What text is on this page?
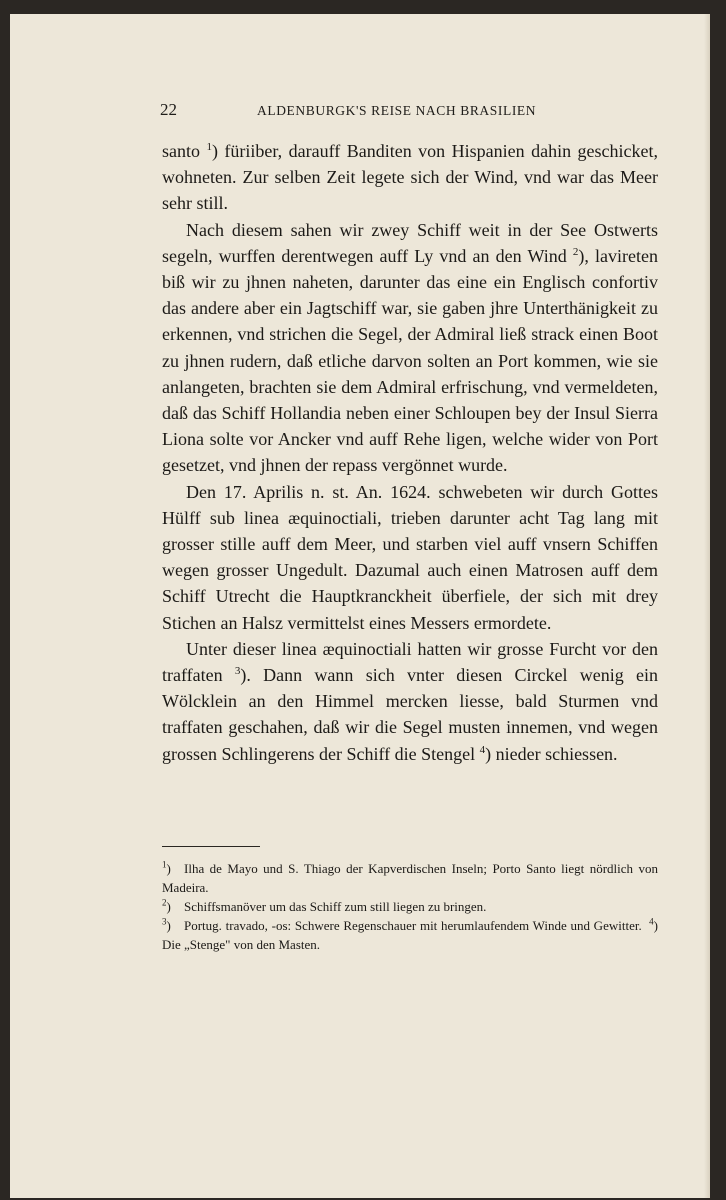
22	ALDENBURGK'S REISE NACH BRASILIEN

santo $^1$) füriiber, darauff Banditen von Hispanien dahin geschicket, wohneten. Zur selben Zeit legete sich der Wind, vnd war das Meer sehr still.

Nach diesem sahen wir zwey Schiff weit in der See Ostwerts segeln, wurffen derentwegen auff Ly vnd an den Wind $^2$), lavireten biß wir zu jhnen naheten, darunter das eine ein Englisch confortiv das andere aber ein Jagtschiff war, sie gaben jhre Unterthänigkeit zu erkennen, vnd strichen die Segel, der Admiral ließ strack einen Boot zu jhnen rudern, daß etliche darvon solten an Port kommen, wie sie anlangeten, brachten sie dem Admiral erfrischung, vnd vermeldeten, daß das Schiff Hollandia neben einer Schloupen bey der Insul Sierra Liona solte vor Ancker vnd auff Rehe ligen, welche wider von Port gesetzet, vnd jhnen der repass vergönnet wurde.

Den 17. Aprilis n. st. An. 1624. schwebeten wir durch Gottes Hülff sub linea æquinoctiali, trieben darunter acht Tag lang mit grosser stille auff dem Meer, und starben viel auff vnsern Schiffen wegen grosser Ungedult. Dazumal auch einen Matrosen auff dem Schiff Utrecht die Hauptkranckheit überfiele, der sich mit drey Stichen an Halsz vermittelst eines Messers ermordete.

Unter dieser linea æquinoctiali hatten wir grosse Furcht vor den traffaten $^3$). Dann wann sich vnter diesen Circkel wenig ein Wölcklein an den Himmel mercken liesse, bald Sturmen vnd traffaten geschahen, daß wir die Segel musten innemen, vnd wegen grossen Schlingerens der Schiff die Stengel $^4$) nieder schiessen.

$^1$) Ilha de Mayo und S. Thiago der Kapverdischen Inseln; Porto Santo liegt nördlich von Madeira.

$^2$) Schiffsmanöver um das Schiff zum still liegen zu bringen.

$^3$) Portug. travado, -os: Schwere Regenschauer mit herumlaufendem Winde und Gewitter. $^4$) Die „Stenge" von den Masten.
